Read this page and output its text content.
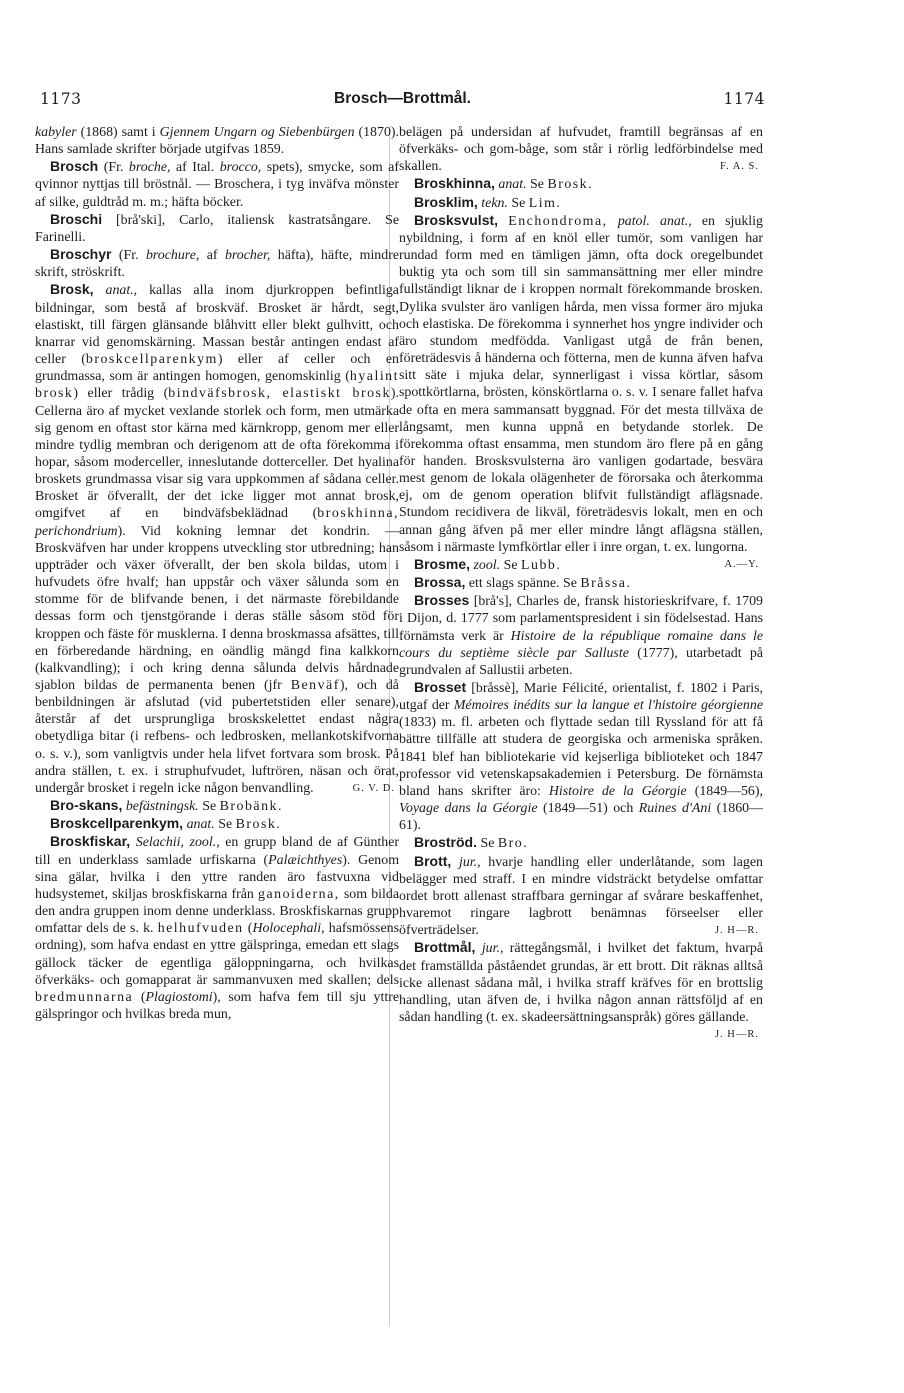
1173	Brosch—Brottmål.	1174

kabyler (1868) samt i Gjennem Ungarn og Siebenbürgen (1870). Hans samlade skrifter började utgifvas 1859.

Brosch (Fr. broche, af Ital. brocco, spets), smycke, som af qvinnor nyttjas till bröstnål. — Broschera, i tyg inväfva mönster af silke, guldtråd m. m.; häfta böcker.

Broschi [brå'ski], Carlo, italiensk kastratsångare. Se Farinelli.

Broschyr (Fr. brochure, af brocher, häfta), häfte, mindre skrift, ströskrift.

Brosk, anat., kallas alla inom djurkroppen befintliga bildningar, som bestå af broskväf. Brosket är hårdt, segt, elastiskt, till färgen glänsande blåhvitt eller blekt gulhvitt, och knarrar vid genomskärning. Massan består antingen endast af celler (broskcellparenkym) eller af celler och en grundmassa, som är antingen homogen, genomskinlig (hyalint brosk) eller trådig (bindväfsbrosk, elastiskt brosk). Cellerna äro af mycket vexlande storlek och form, men utmärka sig genom en oftast stor kärna med kärnkropp, genom mer eller mindre tydlig membran och derigenom att de ofta förekomma i hopar, såsom moderceller, inneslutande dotterceller. Det hyalina broskets grundmassa visar sig vara uppkommen af sådana celler. Brosket är öfverallt, der det icke ligger mot annat brosk, omgifvet af en bindväfsbeklädnad (broskhinna, perichondrium). Vid kokning lemnar det kondrin. — Broskväfven har under kroppens utveckling stor utbredning; han uppträder och växer öfverallt, der ben skola bildas, utom i hufvudets öfre hvalf; han uppstår och växer sålunda som en stomme för de blifvande benen, i det närmaste förebildande dessas form och tjenstgörande i deras ställe såsom stöd för kroppen och fäste för musklerna. I denna broskmassa afsättes, till en förberedande härdning, en oändlig mängd fina kalkkorn (kalkvandling); i och kring denna sålunda delvis hårdnade sjablon bildas de permanenta benen (jfr Benväf), och då benbildningen är afslutad (vid pubertetstiden eller senare), återstår af det ursprungliga broskskelettet endast några obetydliga bitar (i refbens- och ledbrosken, mellankotskifvorna o. s. v.), som vanligtvis under hela lifvet fortvara som brosk. På andra ställen, t. ex. i struphufvudet, luftrören, näsan och örat, undergår brosket i regeln icke någon benvandling.	G. V. D.

Bro-skans, befästningsk. Se Brobänk.

Broskcellparenkym, anat. Se Brosk.

Broskfiskar, Selachii, zool., en grupp bland de af Günther till en underklass samlade urfiskarna (Palæichthyes). Genom sina gälar, hvilka i den yttre randen äro fastvuxna vid hudsystemet, skiljas broskfiskarna från ganoiderna, som bilda den andra gruppen inom denne underklass. Broskfiskarnas grupp omfattar dels de s. k. helhufvuden (Holocephali, hafsmössens ordning), som hafva endast en yttre gälspringa, emedan ett slags gällock täcker de egentliga gäloppningarna, och hvilkas öfverkäks- och gomapparat är sammanvuxen med skallen; dels bredmunnarna (Plagiostomi), som hafva fem till sju yttre gälspringor och hvilkas breda mun,

belägen på undersidan af hufvudet, framtill begränsas af en öfverkäks- och gom-båge, som står i rörlig ledförbindelse med skallen.	F. A. S.

Broskhinna, anat. Se Brosk.

Brosklim, tekn. Se Lim.

Brosksvulst, Enchondroma, patol. anat., en sjuklig nybildning, i form af en knöl eller tumör, som vanligen har rundad form med en tämligen jämn, ofta dock oregelbundet buktig yta och som till sin sammansättning mer eller mindre fullständigt liknar de i kroppen normalt förekommande brosken. Dylika svulster äro vanligen hårda, men vissa former äro mjuka och elastiska. De förekomma i synnerhet hos yngre individer och äro stundom medfödda. Vanligast utgå de från benen, företrädesvis å händerna och fötterna, men de kunna äfven hafva sitt säte i mjuka delar, synnerligast i vissa körtlar, såsom spottkörtlarna, brösten, könskörtlarna o. s. v. I senare fallet hafva de ofta en mera sammansatt byggnad. För det mesta tillväxa de långsamt, men kunna uppnå en betydande storlek. De förekomma oftast ensamma, men stundom äro flere på en gång för handen. Brosksvulsterna äro vanligen godartade, besvära mest genom de lokala olägenheter de förorsaka och återkomma ej, om de genom operation blifvit fullständigt aflägsnade. Stundom recidivera de likväl, företrädesvis lokalt, men en och annan gång äfven på mer eller mindre långt aflägsna ställen, såsom i närmaste lymfkörtlar eller i inre organ, t. ex. lungorna.
A.—Y.

Brosme, zool. Se Lubb.

Brossa, ett slags spänne. Se Bråssa.

Brosses [brå's], Charles de, fransk historieskrifvare, f. 1709 i Dijon, d. 1777 som parlamentspresident i sin födelsestad. Hans förnämsta verk är Histoire de la république romaine dans le cours du septième siècle par Salluste (1777), utarbetadt på grundvalen af Sallustii arbeten.

Brosset [bråssè], Marie Félicité, orientalist, f. 1802 i Paris, utgaf der Mémoires inédits sur la langue et l'histoire géorgienne (1833) m. fl. arbeten och flyttade sedan till Ryssland för att få bättre tillfälle att studera de georgiska och armeniska språken. 1841 blef han bibliotekarie vid kejserliga biblioteket och 1847 professor vid vetenskapsakademien i Petersburg. De förnämsta bland hans skrifter äro: Histoire de la Géorgie (1849—56), Voyage dans la Géorgie (1849—51) och Ruines d'Ani (1860—61).

Broströd. Se Bro.

Brott, jur., hvarje handling eller underlåtande, som lagen belägger med straff. I en mindre vidsträckt betydelse omfattar ordet brott allenast straffbara gerningar af svårare beskaffenhet, hvaremot ringare lagbrott benämnas förseelser eller öfverträdelser.	J. H—R.

Brottmål, jur., rättegångsmål, i hvilket det faktum, hvarpå det framställda påståendet grundas, är ett brott. Dit räknas alltså icke allenast sådana mål, i hvilka straff kräfves för en brottslig handling, utan äfven de, i hvilka någon annan rättsföljd af en sådan handling (t. ex. skadeersättningsanspråk) göres gällande.
J. H—R.
